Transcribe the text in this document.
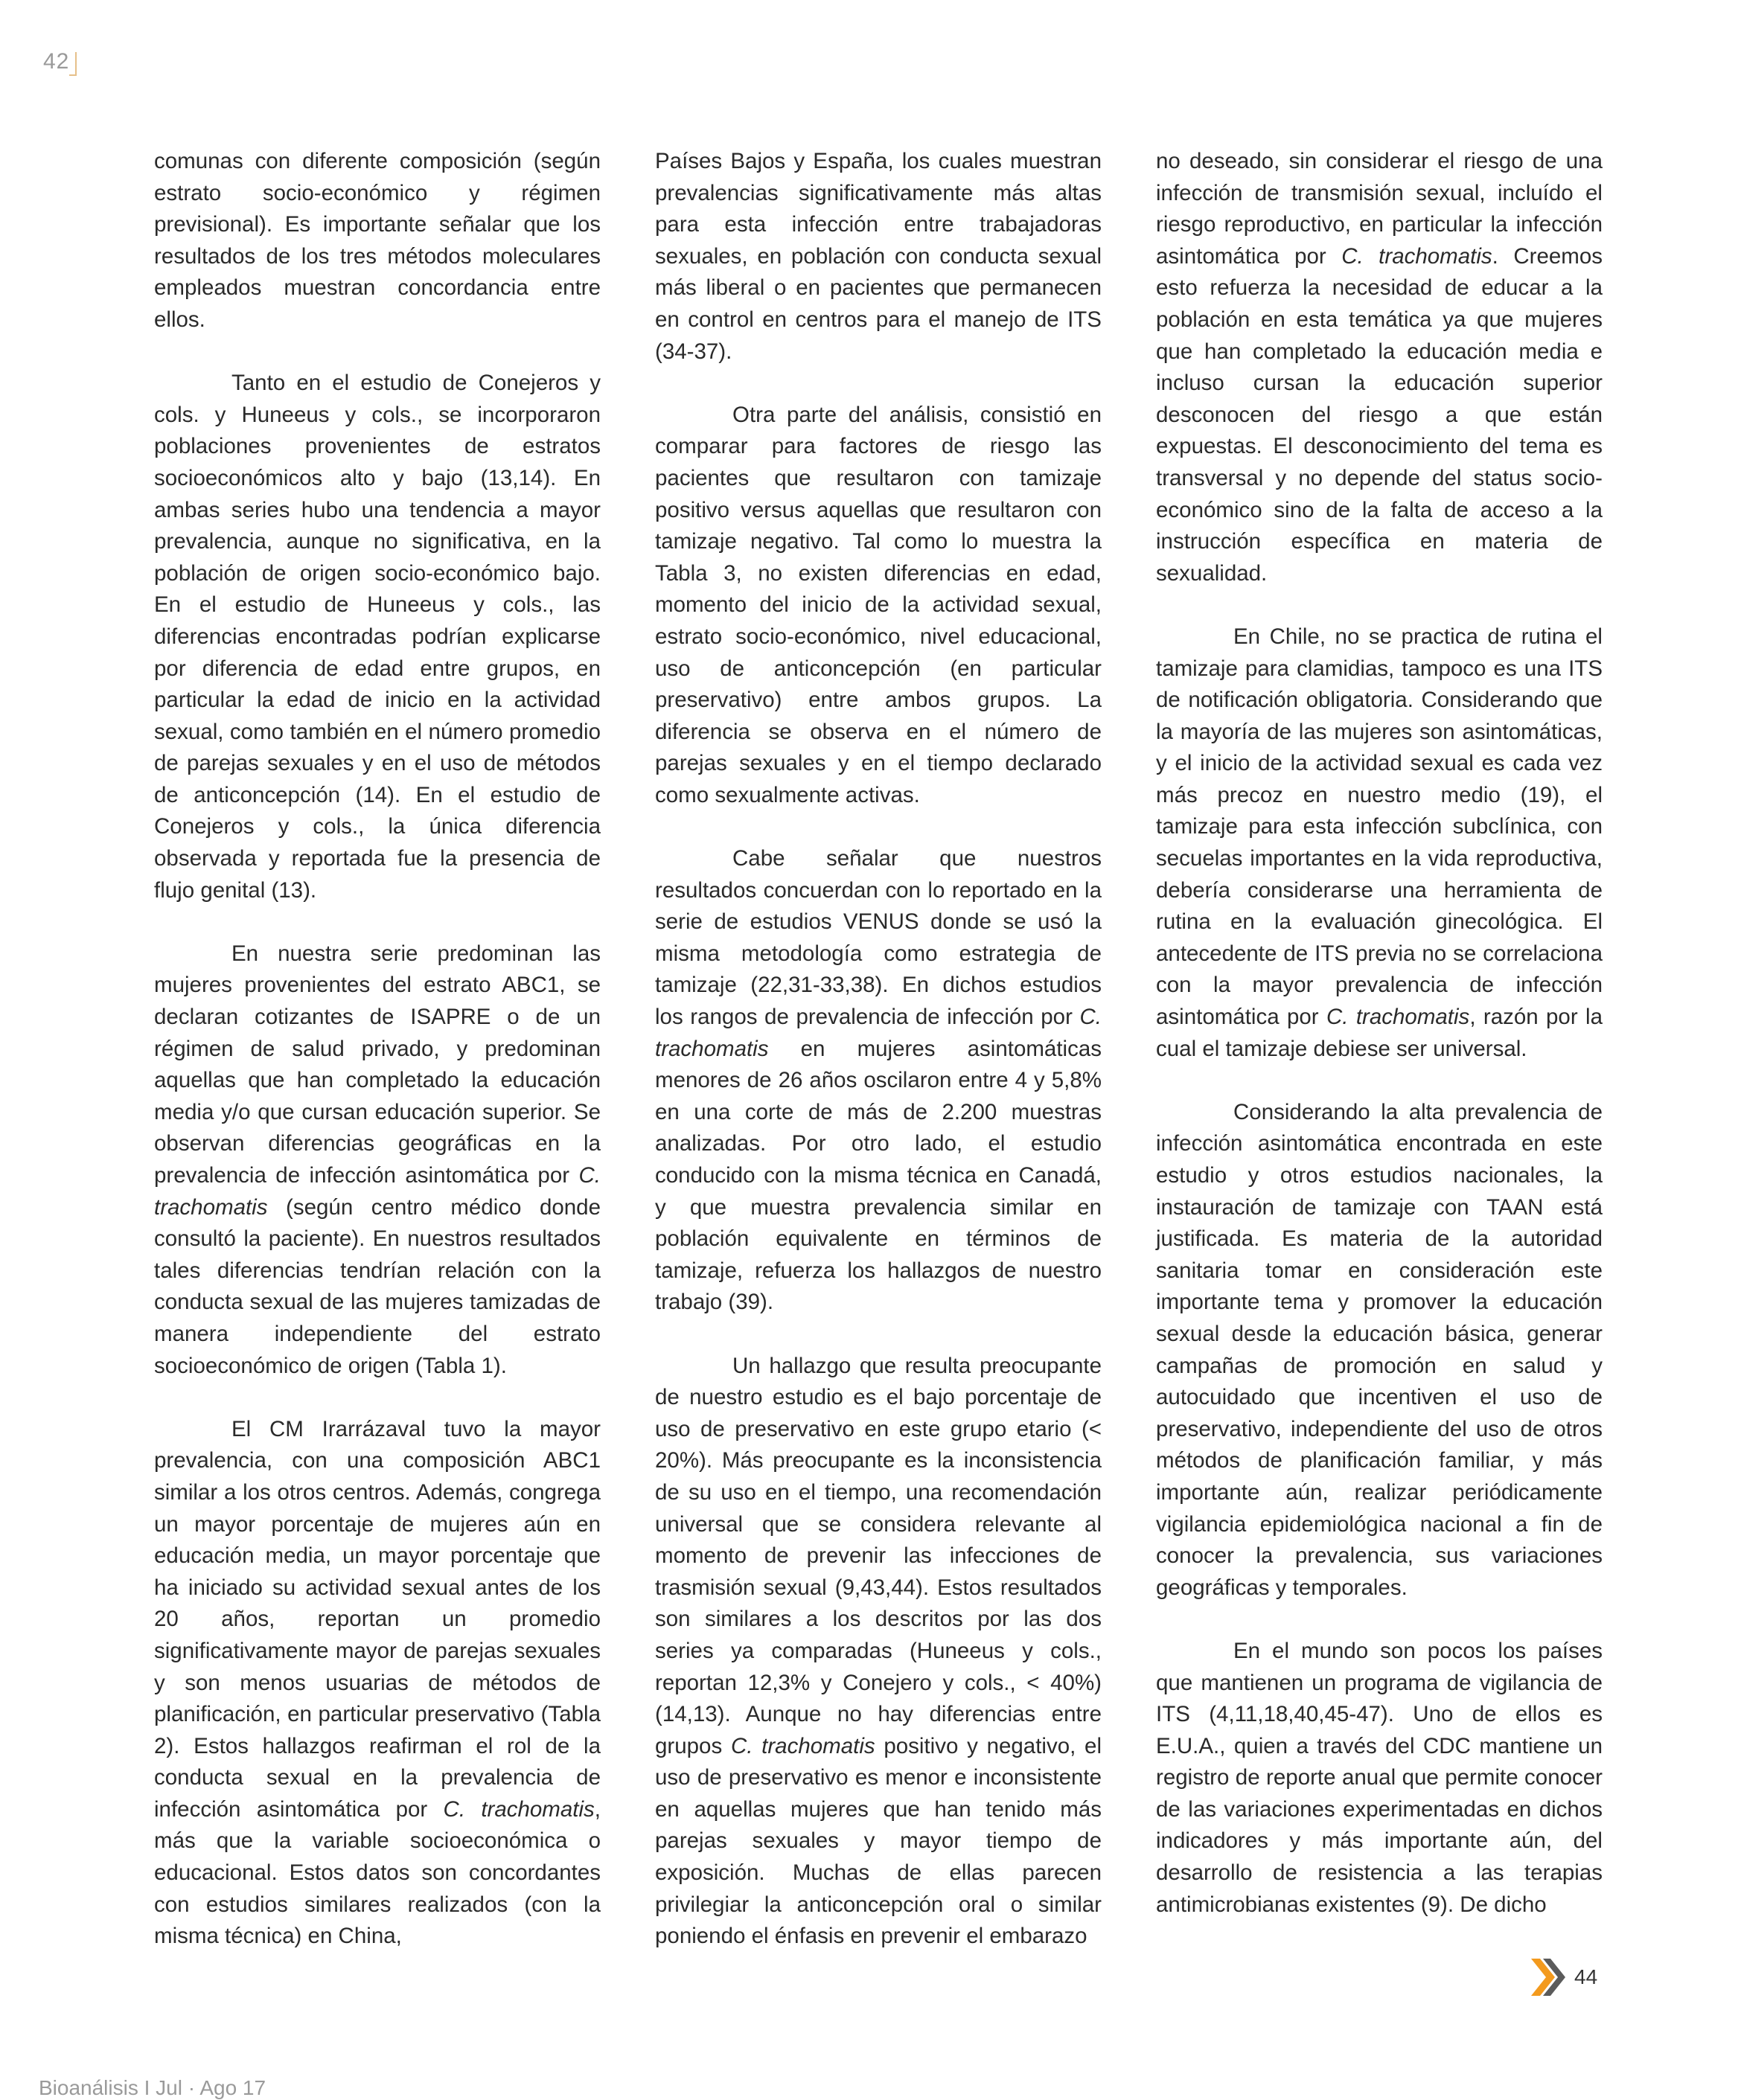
42

comunas con diferente composición (según estrato socio-económico y régimen previsional). Es importante señalar que los resultados de los tres métodos moleculares empleados muestran concordancia entre ellos.

Tanto en el estudio de Conejeros y cols. y Huneeus y cols., se incorporaron poblaciones provenientes de estratos socioeconómicos alto y bajo (13,14). En ambas series hubo una tendencia a mayor prevalencia, aunque no significativa, en la población de origen socio-económico bajo. En el estudio de Huneeus y cols., las diferencias encontradas podrían explicarse por diferencia de edad entre grupos, en particular la edad de inicio en la actividad sexual, como también en el número promedio de parejas sexuales y en el uso de métodos de anticoncepción (14). En el estudio de Conejeros y cols., la única diferencia observada y reportada fue la presencia de flujo genital (13).

En nuestra serie predominan las mujeres provenientes del estrato ABC1, se declaran cotizantes de ISAPRE o de un régimen de salud privado, y predominan aquellas que han completado la educación media y/o que cursan educación superior. Se observan diferencias geográficas en la prevalencia de infección asintomática por C. trachomatis (según centro médico donde consultó la paciente). En nuestros resultados tales diferencias tendrían relación con la conducta sexual de las mujeres tamizadas de manera independiente del estrato socioeconómico de origen (Tabla 1).

El CM Irarrázaval tuvo la mayor prevalencia, con una composición ABC1 similar a los otros centros. Además, congrega un mayor porcentaje de mujeres aún en educación media, un mayor porcentaje que ha iniciado su actividad sexual antes de los 20 años, reportan un promedio significativamente mayor de parejas sexuales y son menos usuarias de métodos de planificación, en particular preservativo (Tabla 2). Estos hallazgos reafirman el rol de la conducta sexual en la prevalencia de infección asintomática por C. trachomatis, más que la variable socioeconómica o educacional. Estos datos son concordantes con estudios similares realizados (con la misma técnica) en China,

Países Bajos y España, los cuales muestran prevalencias significativamente más altas para esta infección entre trabajadoras sexuales, en población con conducta sexual más liberal o en pacientes que permanecen en control en centros para el manejo de ITS (34-37).

Otra parte del análisis, consistió en comparar para factores de riesgo las pacientes que resultaron con tamizaje positivo versus aquellas que resultaron con tamizaje negativo. Tal como lo muestra la Tabla 3, no existen diferencias en edad, momento del inicio de la actividad sexual, estrato socio-económico, nivel educacional, uso de anticoncepción (en particular preservativo) entre ambos grupos. La diferencia se observa en el número de parejas sexuales y en el tiempo declarado como sexualmente activas.

Cabe señalar que nuestros resultados concuerdan con lo reportado en la serie de estudios VENUS donde se usó la misma metodología como estrategia de tamizaje (22,31-33,38). En dichos estudios los rangos de prevalencia de infección por C. trachomatis en mujeres asintomáticas menores de 26 años oscilaron entre 4 y 5,8% en una corte de más de 2.200 muestras analizadas. Por otro lado, el estudio conducido con la misma técnica en Canadá, y que muestra prevalencia similar en población equivalente en términos de tamizaje, refuerza los hallazgos de nuestro trabajo (39).

Un hallazgo que resulta preocupante de nuestro estudio es el bajo porcentaje de uso de preservativo en este grupo etario (< 20%). Más preocupante es la inconsistencia de su uso en el tiempo, una recomendación universal que se considera relevante al momento de prevenir las infecciones de trasmisión sexual (9,43,44). Estos resultados son similares a los descritos por las dos series ya comparadas (Huneeus y cols., reportan 12,3% y Conejero y cols., < 40%) (14,13). Aunque no hay diferencias entre grupos C. trachomatis positivo y negativo, el uso de preservativo es menor e inconsistente en aquellas mujeres que han tenido más parejas sexuales y mayor tiempo de exposición. Muchas de ellas parecen privilegiar la anticoncepción oral o similar poniendo el énfasis en prevenir el embarazo

no deseado, sin considerar el riesgo de una infección de transmisión sexual, incluído el riesgo reproductivo, en particular la infección asintomática por C. trachomatis. Creemos esto refuerza la necesidad de educar a la población en esta temática ya que mujeres que han completado la educación media e incluso cursan la educación superior desconocen del riesgo a que están expuestas. El desconocimiento del tema es transversal y no depende del status socio-económico sino de la falta de acceso a la instrucción específica en materia de sexualidad.

En Chile, no se practica de rutina el tamizaje para clamidias, tampoco es una ITS de notificación obligatoria. Considerando que la mayoría de las mujeres son asintomáticas, y el inicio de la actividad sexual es cada vez más precoz en nuestro medio (19), el tamizaje para esta infección subclínica, con secuelas importantes en la vida reproductiva, debería considerarse una herramienta de rutina en la evaluación ginecológica. El antecedente de ITS previa no se correlaciona con la mayor prevalencia de infección asintomática por C. trachomatis, razón por la cual el tamizaje debiese ser universal.

Considerando la alta prevalencia de infección asintomática encontrada en este estudio y otros estudios nacionales, la instauración de tamizaje con TAAN está justificada. Es materia de la autoridad sanitaria tomar en consideración este importante tema y promover la educación sexual desde la educación básica, generar campañas de promoción en salud y autocuidado que incentiven el uso de preservativo, independiente del uso de otros métodos de planificación familiar, y más importante aún, realizar periódicamente vigilancia epidemiológica nacional a fin de conocer la prevalencia, sus variaciones geográficas y temporales.

En el mundo son pocos los países que mantienen un programa de vigilancia de ITS (4,11,18,40,45-47). Uno de ellos es E.U.A., quien a través del CDC mantiene un registro de reporte anual que permite conocer de las variaciones experimentadas en dichos indicadores y más importante aún, del desarrollo de resistencia a las terapias antimicrobianas existentes (9). De dicho

44
Bioanálisis I Jul · Ago 17
